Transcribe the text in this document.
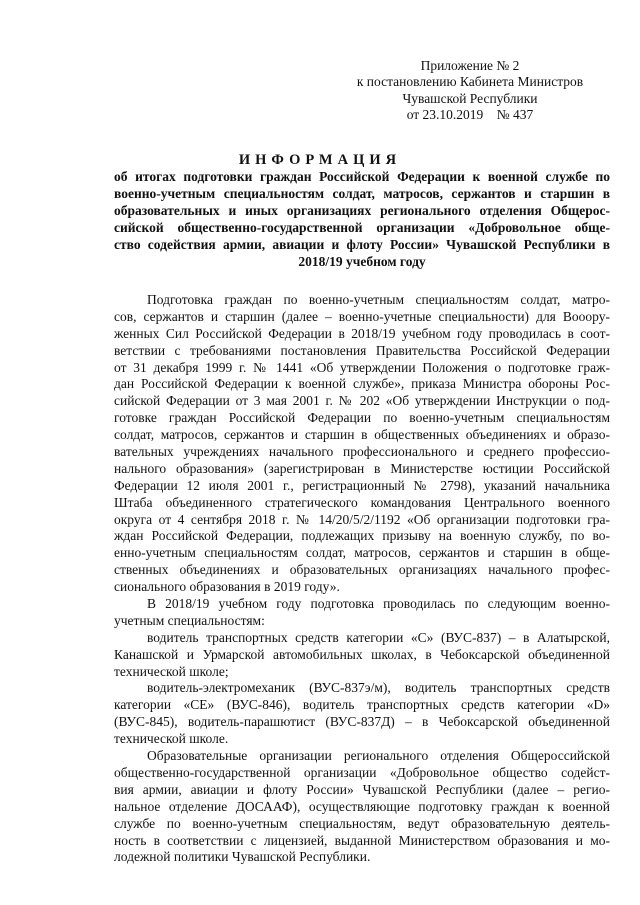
Приложение № 2
к постановлению Кабинета Министров
Чувашской Республики
от 23.10.2019    № 437
ИНФОРМАЦИЯ
об итогах подготовки граждан Российской Федерации к военной службе по
военно-учетным специальностям солдат, матросов, сержантов и старшин в
образовательных и иных организациях регионального отделения Общерос-
сийской общественно-государственной организации «Добровольное обще-
ство содействия армии, авиации и флоту России» Чувашской Республики в
2018/19 учебном году
Подготовка граждан по военно-учетным специальностям солдат, матро-
сов, сержантов и старшин (далее – военно-учетные специальности) для Вооору-
женных Сил Российской Федерации в 2018/19 учебном году проводилась в соот-
ветствии с требованиями постановления Правительства Российской Федерации
от 31 декабря 1999 г. № 1441 «Об утверждении Положения о подготовке граж-
дан Российской Федерации к военной службе», приказа Министра обороны Рос-
сийской Федерации от 3 мая 2001 г. № 202 «Об утверждении Инструкции о под-
готовке граждан Российской Федерации по военно-учетным специальностям
солдат, матросов, сержантов и старшин в общественных объединениях и образо-
вательных учреждениях начального профессионального и среднего профессио-
нального образования» (зарегистрирован в Министерстве юстиции Российской
Федерации 12 июля 2001 г., регистрационный № 2798), указаний начальника
Штаба объединенного стратегического командования Центрального военного
округа от 4 сентября 2018 г. № 14/20/5/2/1192 «Об организации подготовки гра-
ждан Российской Федерации, подлежащих призыву на военную службу, по во-
енно-учетным специальностям солдат, матросов, сержантов и старшин в обще-
ственных объединениях и образовательных организациях начального профес-
сионального образования в 2019 году».
В 2018/19 учебном году подготовка проводилась по следующим военно-
учетным специальностям:
водитель транспортных средств категории «С» (ВУС-837) – в Алатырской,
Канашской и Урмарской автомобильных школах, в Чебоксарской объединенной
технической школе;
водитель-электромеханик (ВУС-837э/м), водитель транспортных средств
категории «СЕ» (ВУС-846), водитель транспортных средств категории «D»
(ВУС-845), водитель-парашютист (ВУС-837Д) – в Чебоксарской объединенной
технической школе.
Образовательные организации регионального отделения Общероссийской
общественно-государственной организации «Добровольное общество содейст-
вия армии, авиации и флоту России» Чувашской Республики (далее – регио-
нальное отделение ДОСААФ), осуществляющие подготовку граждан к военной
службе по военно-учетным специальностям, ведут образовательную деятель-
ность в соответствии с лицензией, выданной Министерством образования и мо-
лодежной политики Чувашской Республики.
